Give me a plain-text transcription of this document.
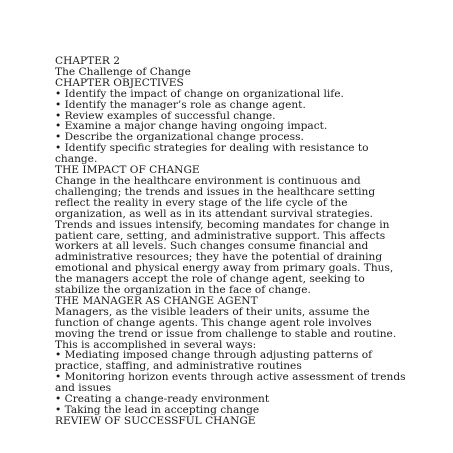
CHAPTER 2
The Challenge of Change
CHAPTER OBJECTIVES
• Identify the impact of change on organizational life.
• Identify the manager’s role as change agent.
• Review examples of successful change.
• Examine a major change having ongoing impact.
• Describe the organizational change process.
• Identify specific strategies for dealing with resistance to
change.
THE IMPACT OF CHANGE
Change in the healthcare environment is continuous and
challenging; the trends and issues in the healthcare setting
reflect the reality in every stage of the life cycle of the
organization, as well as in its attendant survival strategies.
Trends and issues intensify, becoming mandates for change in
patient care, setting, and administrative support. This affects
workers at all levels. Such changes consume financial and
administrative resources; they have the potential of draining
emotional and physical energy away from primary goals. Thus,
the managers accept the role of change agent, seeking to
stabilize the organization in the face of change.
THE MANAGER AS CHANGE AGENT
Managers, as the visible leaders of their units, assume the
function of change agents. This change agent role involves
moving the trend or issue from challenge to stable and routine.
This is accomplished in several ways:
• Mediating imposed change through adjusting patterns of
practice, staffing, and administrative routines
• Monitoring horizon events through active assessment of trends
and issues
• Creating a change-ready environment
• Taking the lead in accepting change
REVIEW OF SUCCESSFUL CHANGE
